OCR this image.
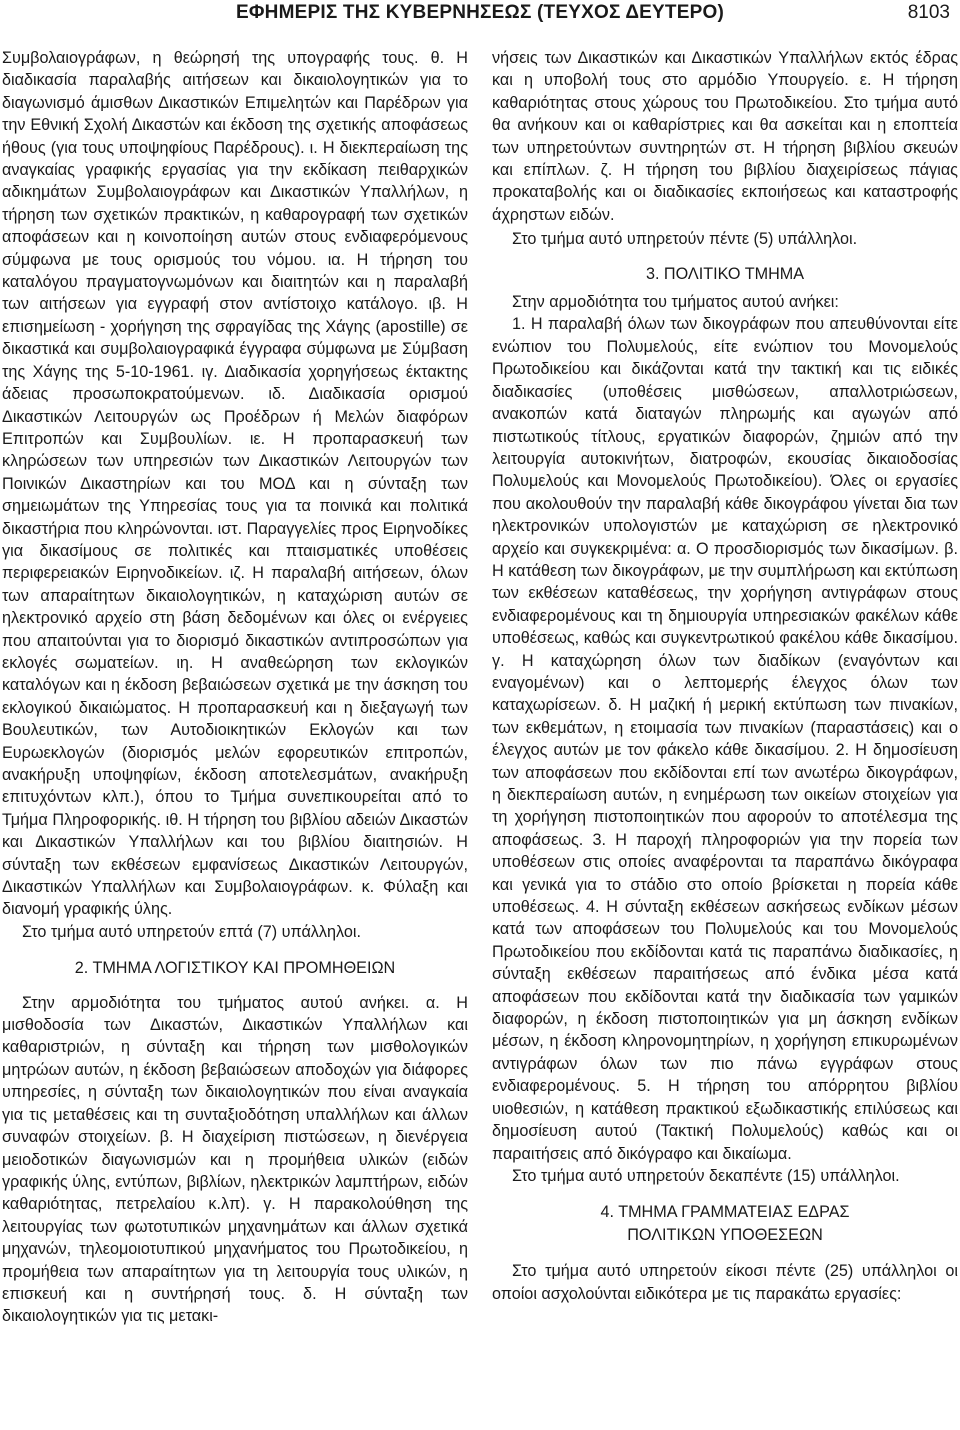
ΕΦΗΜΕΡΙΣ ΤΗΣ ΚΥΒΕΡΝΗΣΕΩΣ (ΤΕΥΧΟΣ ΔΕΥΤΕΡΟ)	8103

Συμβολαιογράφων, η θεώρησή της υπογραφής τους. θ. Η διαδικασία παραλαβής αιτήσεων και δικαιολογητικών για το διαγωνισμό άμισθων Δικαστικών Επιμελητών και Παρέδρων για την Εθνική Σχολή Δικαστών και έκδοση της σχετικής αποφάσεως ήθους (για τους υποψηφίους Παρέδρους). ι. Η διεκπεραίωση της αναγκαίας γραφικής εργασίας για την εκδίκαση πειθαρχικών αδικημάτων Συμβολαιογράφων και Δικαστικών Υπαλλήλων, η τήρηση των σχετικών πρακτικών, η καθαρογραφή των σχετικών αποφάσεων και η κοινοποίηση αυτών στους ενδιαφερόμενους σύμφωνα με τους ορισμούς του νόμου. ια. Η τήρηση του καταλόγου πραγματογνωμόνων και διαιτητών και η παραλαβή των αιτήσεων για εγγραφή στον αντίστοιχο κατάλογο. ιβ. Η επισημείωση - χορήγηση της σφραγίδας της Χάγης (apostille) σε δικαστικά και συμβολαιογραφικά έγγραφα σύμφωνα με Σύμβαση της Χάγης της 5-10-1961. ιγ. Διαδικασία χορηγήσεως έκτακτης άδειας προσωποκρατούμενων. ιδ. Διαδικασία ορισμού Δικαστικών Λειτουργών ως Προέδρων ή Μελών διαφόρων Επιτροπών και Συμβουλίων. ιε. Η προπαρασκευή των κληρώσεων των υπηρεσιών των Δικαστικών Λειτουργών των Ποινικών Δικαστηρίων και του ΜΟΔ και η σύνταξη των σημειωμάτων της Υπηρεσίας τους για τα ποινικά και πολιτικά δικαστήρια που κληρώνονται. ιστ. Παραγγελίες προς Ειρηνοδίκες για δικασίμους σε πολιτικές και πταισματικές υποθέσεις περιφερειακών Ειρηνοδικείων. ιζ. Η παραλαβή αιτήσεων, όλων των απαραίτητων δικαιολογητικών, η καταχώριση αυτών σε ηλεκτρονικό αρχείο στη βάση δεδομένων και όλες οι ενέργειες που απαιτούνται για το διορισμό δικαστικών αντιπροσώπων για εκλογές σωματείων. ιη. Η αναθεώρηση των εκλογικών καταλόγων και η έκδοση βεβαιώσεων σχετικά με την άσκηση του εκλογικού δικαιώματος. Η προπαρασκευή και η διεξαγωγή των Βουλευτικών, των Αυτοδιοικητικών Εκλογών και των Ευρωεκλογών (διορισμός μελών εφορευτικών επιτροπών, ανακήρυξη υποψηφίων, έκδοση αποτελεσμάτων, ανακήρυξη επιτυχόντων κλπ.), όπου το Τμήμα συνεπικουρείται από το Τμήμα Πληροφορικής. ιθ. Η τήρηση του βιβλίου αδειών Δικαστών και Δικαστικών Υπαλλήλων και του βιβλίου διαιτησιών. Η σύνταξη των εκθέσεων εμφανίσεως Δικαστικών Λειτουργών, Δικαστικών Υπαλλήλων και Συμβολαιογράφων. κ. Φύλαξη και διανομή γραφικής ύλης.

Στο τμήμα αυτό υπηρετούν επτά (7) υπάλληλοι.

2. ΤΜΗΜΑ ΛΟΓΙΣΤΙΚΟΥ ΚΑΙ ΠΡΟΜΗΘΕΙΩΝ

Στην αρμοδιότητα του τμήματος αυτού ανήκει. α. Η μισθοδοσία των Δικαστών, Δικαστικών Υπαλλήλων και καθαριστριών, η σύνταξη και τήρηση των μισθολογικών μητρώων αυτών, η έκδοση βεβαιώσεων αποδοχών για διάφορες υπηρεσίες, η σύνταξη των δικαιολογητικών που είναι αναγκαία για τις μεταθέσεις και τη συνταξιοδότηση υπαλλήλων και άλλων συναφών στοιχείων. β. Η διαχείριση πιστώσεων, η διενέργεια μειοδοτικών διαγωνισμών και η προμήθεια υλικών (ειδών γραφικής ύλης, εντύπων, βιβλίων, ηλεκτρικών λαμπτήρων, ειδών καθαριότητας, πετρελαίου κ.λπ). γ. Η παρακολούθηση της λειτουργίας των φωτοτυπικών μηχανημάτων και άλλων σχετικά μηχανών, τηλεομοιοτυπικού μηχανήματος του Πρωτοδικείου, η προμήθεια των απαραίτητων για τη λειτουργία τους υλικών, η επισκευή και η συντήρησή τους. δ. Η σύνταξη των δικαιολογητικών για τις μετακι-

νήσεις των Δικαστικών και Δικαστικών Υπαλλήλων εκτός έδρας και η υποβολή τους στο αρμόδιο Υπουργείο. ε. Η τήρηση καθαριότητας στους χώρους του Πρωτοδικείου. Στο τμήμα αυτό θα ανήκουν και οι καθαρίστριες και θα ασκείται και η εποπτεία των υπηρετούντων συντηρητών στ. Η τήρηση βιβλίου σκευών και επίπλων. ζ. Η τήρηση του βιβλίου διαχειρίσεως πάγιας προκαταβολής και οι διαδικασίες εκποιήσεως και καταστροφής άχρηστων ειδών.

Στο τμήμα αυτό υπηρετούν πέντε (5) υπάλληλοι.

3. ΠΟΛΙΤΙΚΟ ΤΜΗΜΑ

Στην αρμοδιότητα του τμήματος αυτού ανήκει:

1. Η παραλαβή όλων των δικογράφων που απευθύνονται είτε ενώπιον του Πολυμελούς, είτε ενώπιον του Μονομελούς Πρωτοδικείου και δικάζονται κατά την τακτική και τις ειδικές διαδικασίες (υποθέσεις μισθώσεων, απαλλοτριώσεων, ανακοπών κατά διαταγών πληρωμής και αγωγών από πιστωτικούς τίτλους, εργατικών διαφορών, ζημιών από την λειτουργία αυτοκινήτων, διατροφών, εκουσίας δικαιοδοσίας Πολυμελούς και Μονομελούς Πρωτοδικείου). Όλες οι εργασίες που ακολουθούν την παραλαβή κάθε δικογράφου γίνεται δια των ηλεκτρονικών υπολογιστών με καταχώριση σε ηλεκτρονικό αρχείο και συγκεκριμένα: α. Ο προσδιορισμός των δικασίμων. β. Η κατάθεση των δικογράφων, με την συμπλήρωση και εκτύπωση των εκθέσεων καταθέσεως, την χορήγηση αντιγράφων στους ενδιαφερομένους και τη δημιουργία υπηρεσιακών φακέλων κάθε υποθέσεως, καθώς και συγκεντρωτικού φακέλου κάθε δικασίμου. γ. Η καταχώρηση όλων των διαδίκων (εναγόντων και εναγομένων) και ο λεπτομερής έλεγχος όλων των καταχωρίσεων. δ. Η μαζική ή μερική εκτύπωση των πινακίων, των εκθεμάτων, η ετοιμασία των πινακίων (παραστάσεις) και ο έλεγχος αυτών με τον φάκελο κάθε δικασίμου. 2. Η δημοσίευση των αποφάσεων που εκδίδονται επί των ανωτέρω δικογράφων, η διεκπεραίωση αυτών, η ενημέρωση των οικείων στοιχείων για τη χορήγηση πιστοποιητικών που αφορούν το αποτέλεσμα της αποφάσεως. 3. Η παροχή πληροφοριών για την πορεία των υποθέσεων στις οποίες αναφέρονται τα παραπάνω δικόγραφα και γενικά για το στάδιο στο οποίο βρίσκεται η πορεία κάθε υποθέσεως. 4. Η σύνταξη εκθέσεων ασκήσεως ενδίκων μέσων κατά των αποφάσεων του Πολυμελούς και του Μονομελούς Πρωτοδικείου που εκδίδονται κατά τις παραπάνω διαδικασίες, η σύνταξη εκθέσεων παραιτήσεως από ένδικα μέσα κατά αποφάσεων που εκδίδονται κατά την διαδικασία των γαμικών διαφορών, η έκδοση πιστοποιητικών για μη άσκηση ενδίκων μέσων, η έκδοση κληρονομητηρίων, η χορήγηση επικυρωμένων αντιγράφων όλων των πιο πάνω εγγράφων στους ενδιαφερομένους. 5. Η τήρηση του απόρρητου βιβλίου υιοθεσιών, η κατάθεση πρακτικού εξωδικαστικής επιλύσεως και δημοσίευση αυτού (Τακτική Πολυμελούς) καθώς και οι παραιτήσεις από δικόγραφο και δικαίωμα.

Στο τμήμα αυτό υπηρετούν δεκαπέντε (15) υπάλληλοι.

4. ΤΜΗΜΑ ΓΡΑΜΜΑΤΕΙΑΣ ΕΔΡΑΣ
ΠΟΛΙΤΙΚΩΝ ΥΠΟΘΕΣΕΩΝ

Στο τμήμα αυτό υπηρετούν είκοσι πέντε (25) υπάλληλοι οι οποίοι ασχολούνται ειδικότερα με τις παρακάτω εργασίες:
